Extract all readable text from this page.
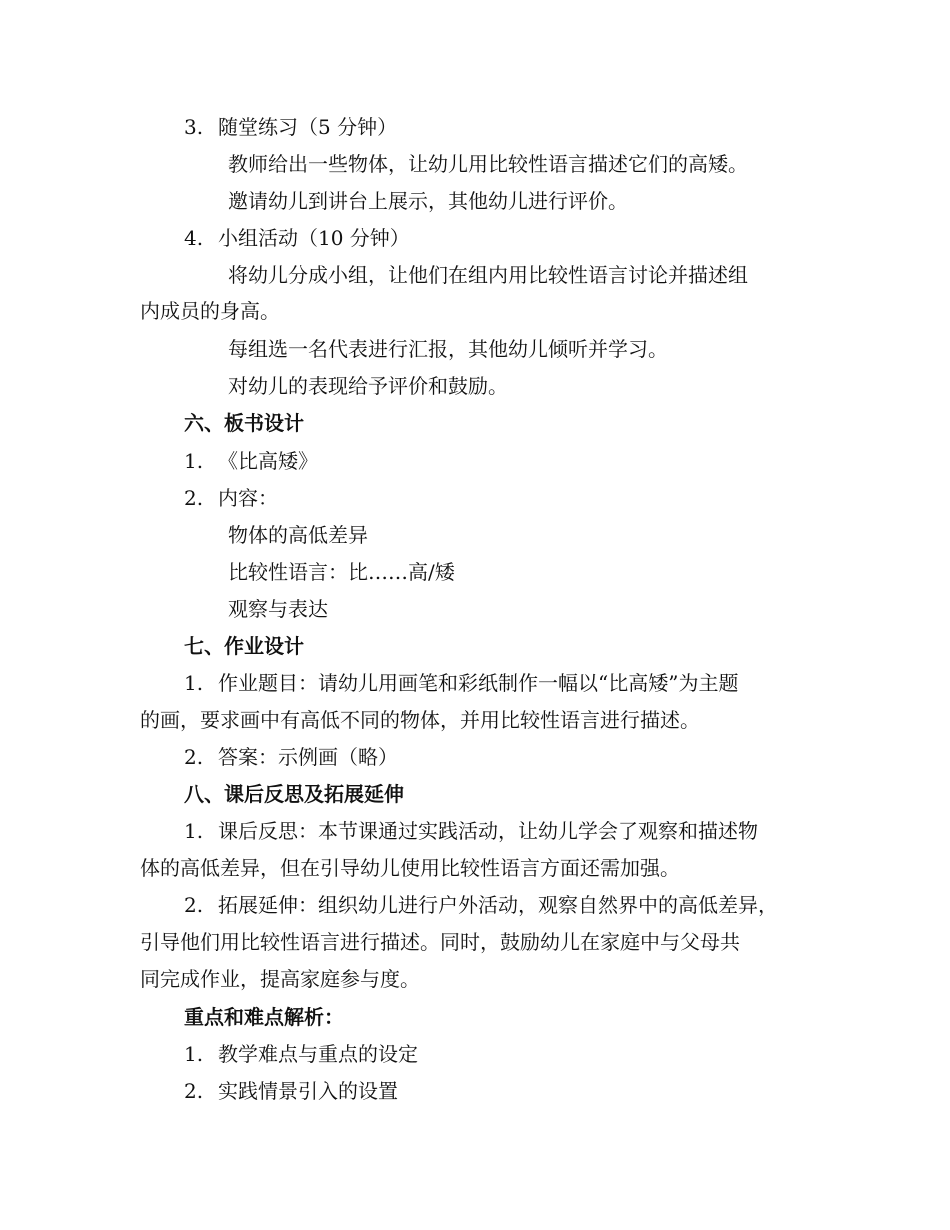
3. 随堂练习（5 分钟）
教师给出一些物体，让幼儿用比较性语言描述它们的高矮。
邀请幼儿到讲台上展示，其他幼儿进行评价。
4. 小组活动（10 分钟）
将幼儿分成小组，让他们在组内用比较性语言讨论并描述组
内成员的身高。
每组选一名代表进行汇报，其他幼儿倾听并学习。
对幼儿的表现给予评价和鼓励。
六、板书设计
1. 《比高矮》
2. 内容：
物体的高低差异
比较性语言：比……高/矮
观察与表达
七、作业设计
1. 作业题目：请幼儿用画笔和彩纸制作一幅以“比高矮”为主题
的画，要求画中有高低不同的物体，并用比较性语言进行描述。
2. 答案：示例画（略）
八、课后反思及拓展延伸
1. 课后反思：本节课通过实践活动，让幼儿学会了观察和描述物
体的高低差异，但在引导幼儿使用比较性语言方面还需加强。
2. 拓展延伸：组织幼儿进行户外活动，观察自然界中的高低差异，
引导他们用比较性语言进行描述。同时，鼓励幼儿在家庭中与父母共
同完成作业，提高家庭参与度。
重点和难点解析：
1. 教学难点与重点的设定
2. 实践情景引入的设置
